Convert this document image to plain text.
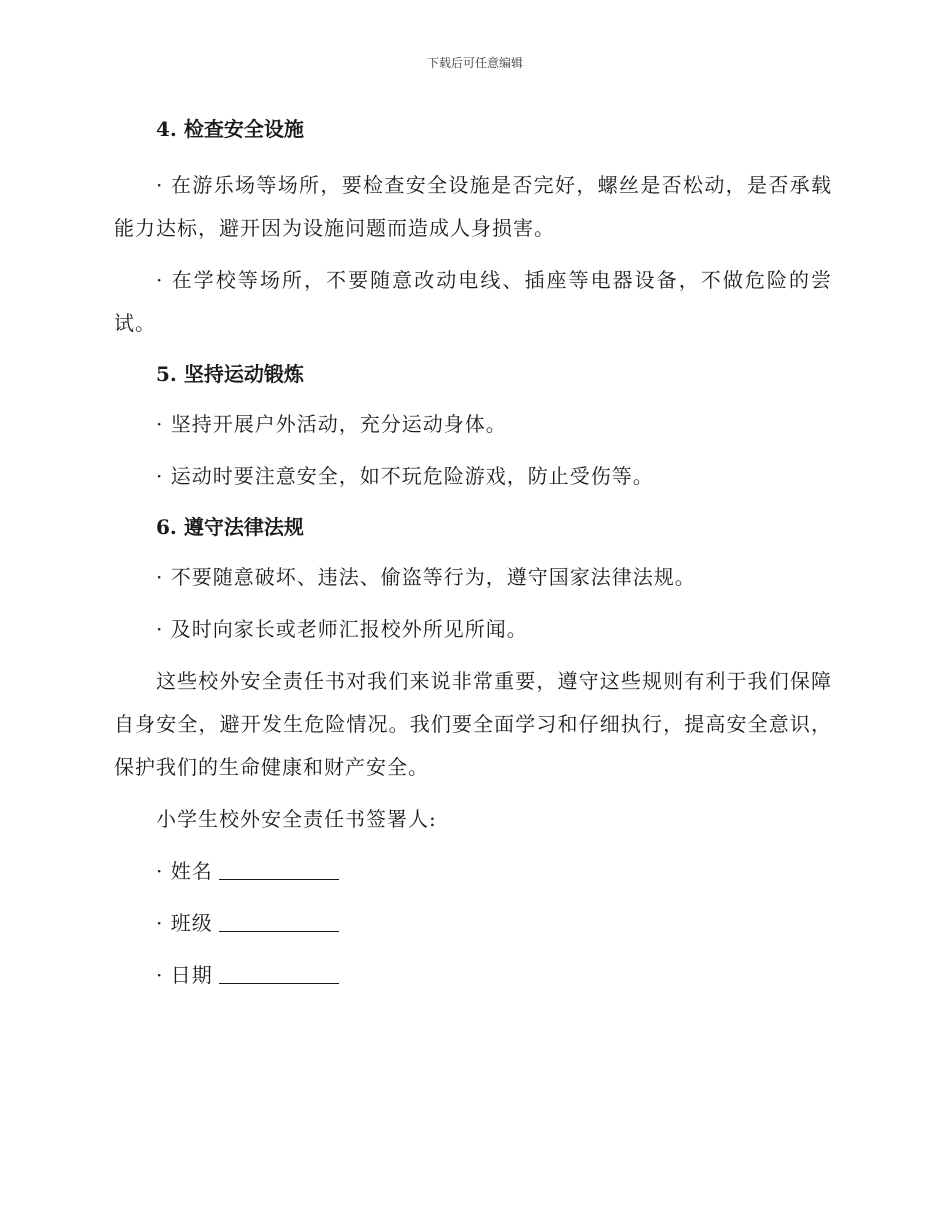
下载后可任意编辑
4. 检查安全设施

· 在游乐场等场所，要检查安全设施是否完好，螺丝是否松动，是否承载能力达标，避开因为设施问题而造成人身损害。

· 在学校等场所，不要随意改动电线、插座等电器设备，不做危险的尝试。

5. 坚持运动锻炼

· 坚持开展户外活动，充分运动身体。

· 运动时要注意安全，如不玩危险游戏，防止受伤等。

6. 遵守法律法规

· 不要随意破坏、违法、偷盗等行为，遵守国家法律法规。

· 及时向家长或老师汇报校外所见所闻。

这些校外安全责任书对我们来说非常重要，遵守这些规则有利于我们保障自身安全，避开发生危险情况。我们要全面学习和仔细执行，提高安全意识，保护我们的生命健康和财产安全。

小学生校外安全责任书签署人:

· 姓名

· 班级

· 日期
